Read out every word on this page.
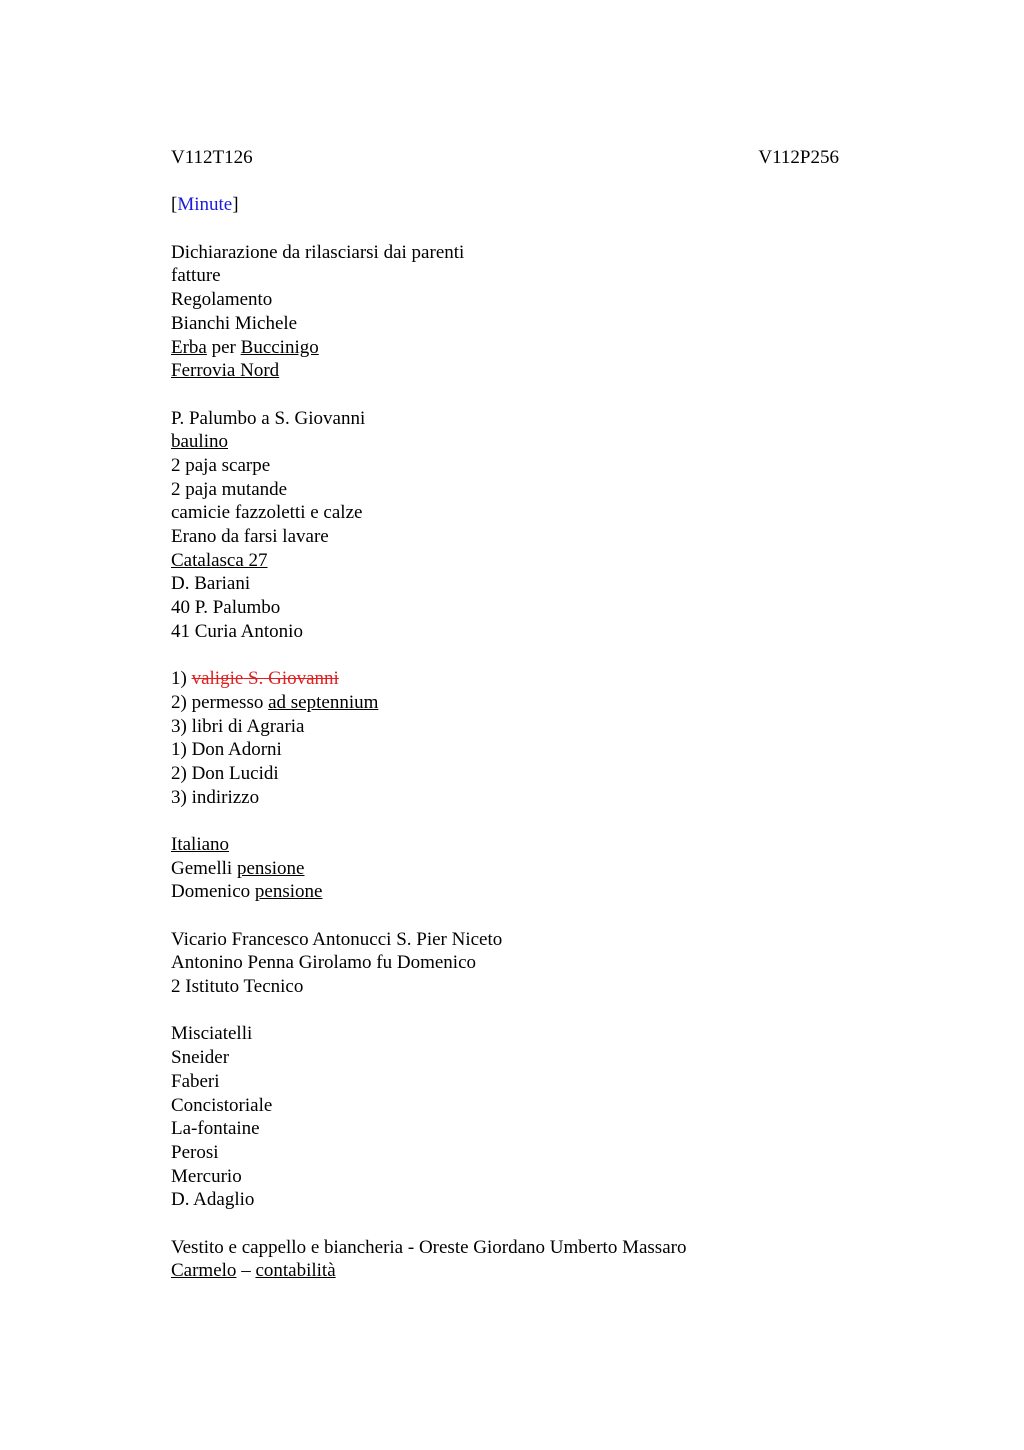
V112T126	V112P256
[Minute]
Dichiarazione da rilasciarsi dai parenti
fatture
Regolamento
Bianchi Michele
Erba per Buccinigo
Ferrovia Nord
P. Palumbo a S. Giovanni
baulino
2 paja scarpe
2 paja mutande
camicie fazzoletti e calze
Erano da farsi lavare
Catalasca 27
D. Bariani
40 P. Palumbo
41 Curia Antonio
1) valigie S. Giovanni
2) permesso ad septennium
3) libri di Agraria
1) Don Adorni
2) Don Lucidi
3) indirizzo
Italiano
Gemelli pensione
Domenico pensione
Vicario Francesco Antonucci S. Pier Niceto
Antonino Penna Girolamo fu Domenico
2 Istituto Tecnico
Misciatelli
Sneider
Faberi
Concistoriale
La-fontaine
Perosi
Mercurio
D. Adaglio
Vestito e cappello e biancheria - Oreste Giordano Umberto Massaro
Carmelo – contabilità
